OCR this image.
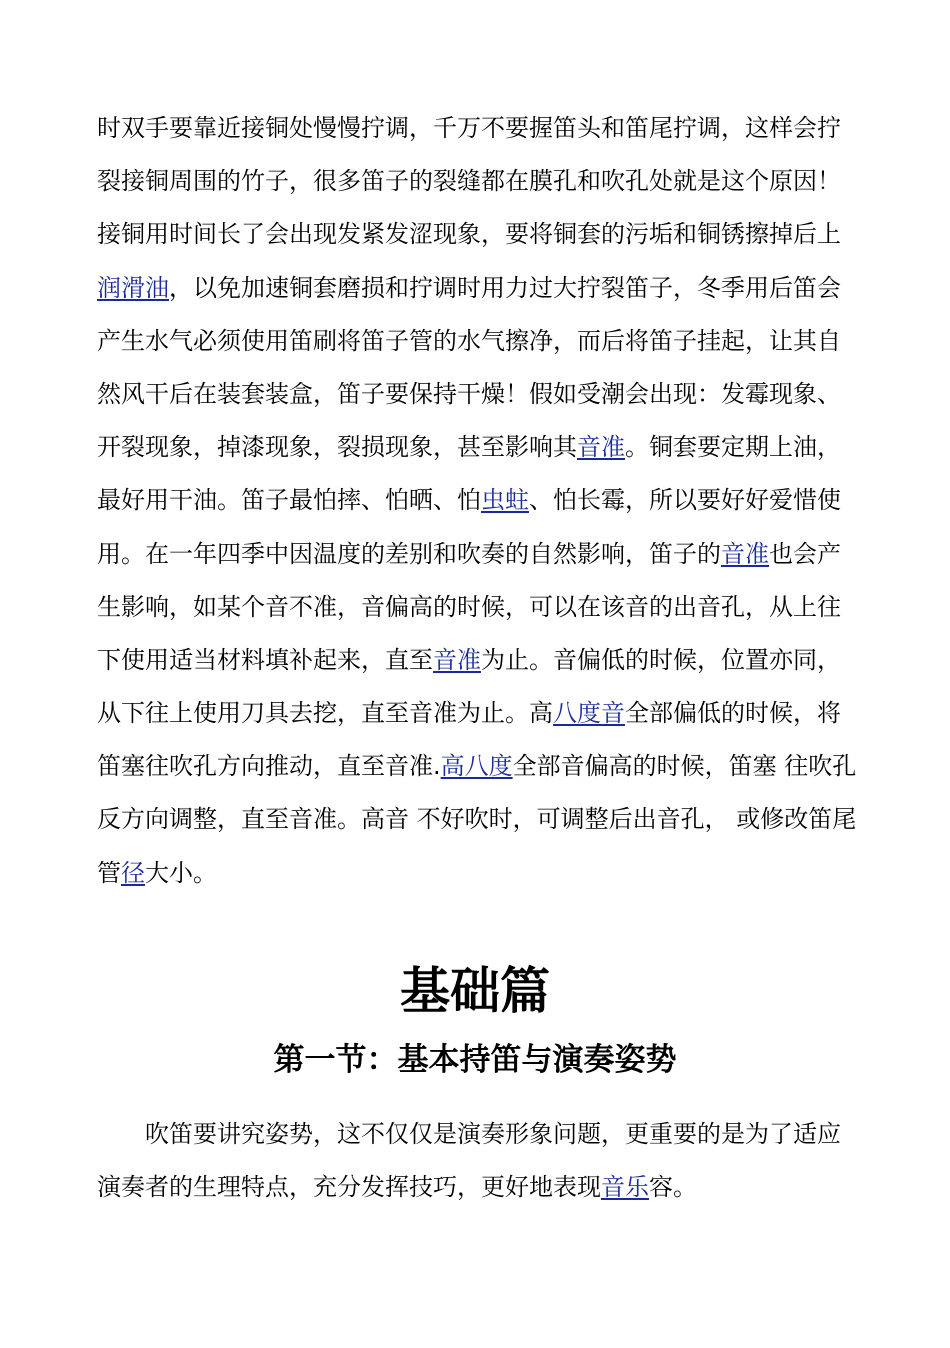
时双手要靠近接铜处慢慢拧调，千万不要握笛头和笛尾拧调，这样会拧
裂接铜周围的竹子，很多笛子的裂缝都在膜孔和吹孔处就是这个原因！
接铜用时间长了会出现发紧发涩现象，要将铜套的污垢和铜锈擦掉后上
润滑油，以免加速铜套磨损和拧调时用力过大拧裂笛子，冬季用后笛会
产生水气必须使用笛刷将笛子管的水气擦净，而后将笛子挂起，让其自
然风干后在装套装盒，笛子要保持干燥！假如受潮会出现：发霉现象、
开裂现象，掉漆现象，裂损现象，甚至影响其音准。铜套要定期上油，
最好用干油。笛子最怕摔、怕晒、怕虫蛀、怕长霉，所以要好好爱惜使
用。在一年四季中因温度的差别和吹奏的自然影响，笛子的音准也会产
生影响，如某个音不准，音偏高的时候，可以在该音的出音孔，从上往
下使用适当材料填补起来，直至音准为止。音偏低的时候，位置亦同，
从下往上使用刀具去挖，直至音准为止。高八度音全部偏低的时候，将
笛塞往吹孔方向推动，直至音准.高八度全部音偏高的时候，笛塞 往吹孔
反方向调整，直至音准。高音 不好吹时，可调整后出音孔， 或修改笛尾
管径大小。
基础篇
第一节：基本持笛与演奏姿势
吹笛要讲究姿势，这不仅仅是演奏形象问题，更重要的是为了适应
演奏者的生理特点，充分发挥技巧，更好地表现音乐容。
